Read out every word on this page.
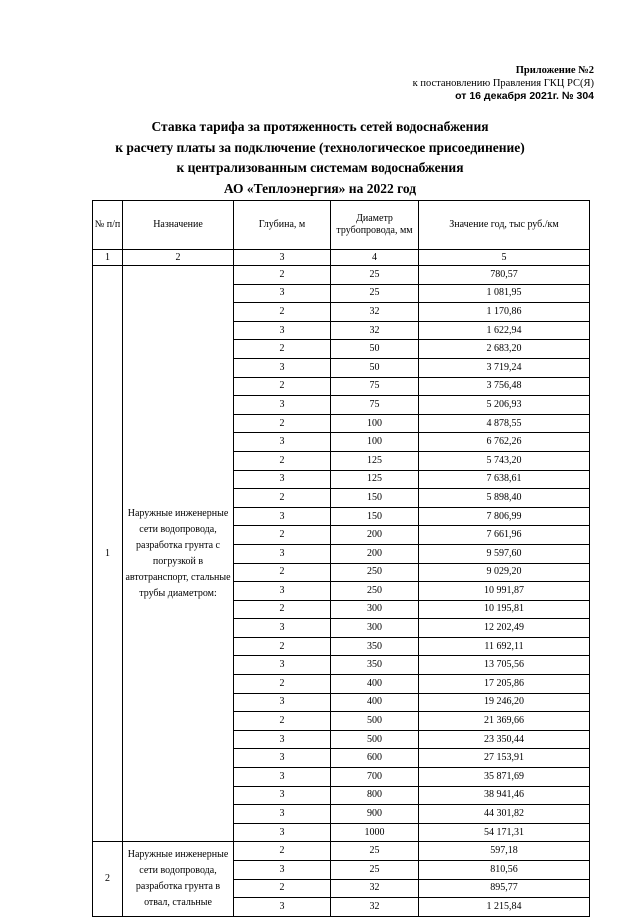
Приложение №2
к постановлению Правления ГКЦ РС(Я)
от 16 декабря 2021г. № 304
Ставка тарифа за протяженность сетей водоснабжения
к расчету платы за подключение (технологическое присоединение)
к централизованным системам водоснабжения
АО «Теплоэнергия» на 2022 год
№ п/п	Назначение	Глубина, м	Диаметр трубопровода, мм	Значение год, тыс руб./км
1	2	3	4	5
1	Наружные инженерные сети водопровода, разработка грунта с погрузкой в автотранспорт, стальные трубы диаметром:	2	25	780,57
		3	25	1 081,95
		2	32	1 170,86
		3	32	1 622,94
		2	50	2 683,20
		3	50	3 719,24
		2	75	3 756,48
		3	75	5 206,93
		2	100	4 878,55
		3	100	6 762,26
		2	125	5 743,20
		3	125	7 638,61
		2	150	5 898,40
		3	150	7 806,99
		2	200	7 661,96
		3	200	9 597,60
		2	250	9 029,20
		3	250	10 991,87
		2	300	10 195,81
		3	300	12 202,49
		2	350	11 692,11
		3	350	13 705,56
		2	400	17 205,86
		3	400	19 246,20
		2	500	21 369,66
		3	500	23 350,44
		3	600	27 153,91
		3	700	35 871,69
		3	800	38 941,46
		3	900	44 301,82
		3	1000	54 171,31
2	Наружные инженерные сети водопровода, разработка грунта в отвал, стальные	2	25	597,18
		3	25	810,56
		2	32	895,77
		3	32	1 215,84
